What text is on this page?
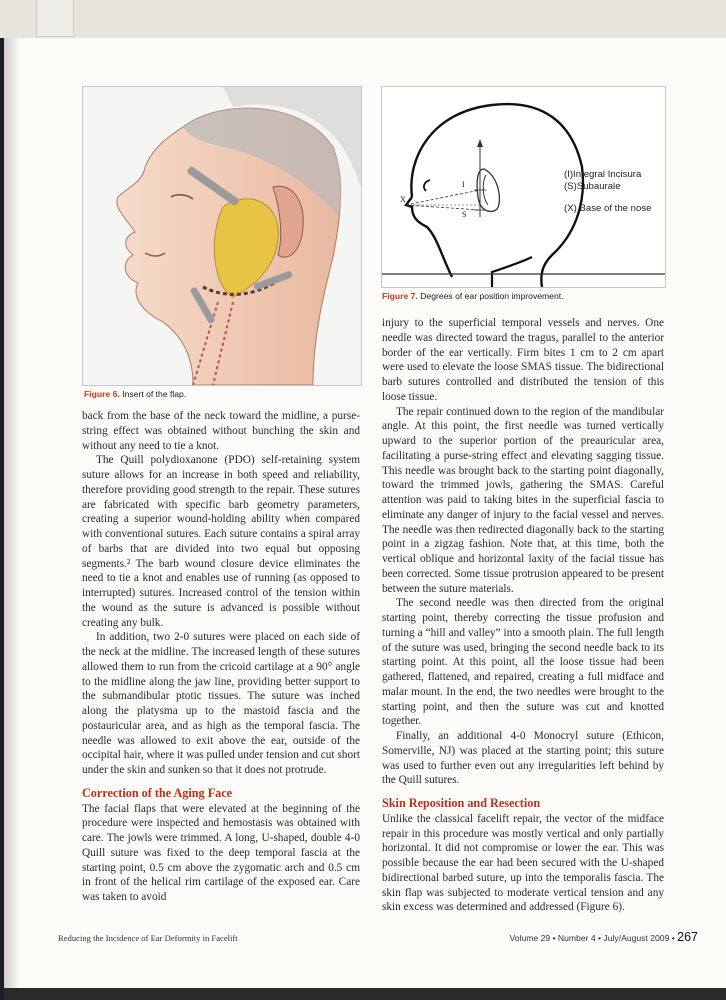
Figure 6. Insert of the flap.
I
S
X
(I)Integral Incisura
(S)Subaurale
(X) Base of the nose
Figure 7. Degrees of ear position improvement.

back from the base of the neck toward the midline, a purse-string effect was obtained without bunching the skin and without any need to tie a knot.

The Quill polydioxanone (PDO) self-retaining system suture allows for an increase in both speed and reliability, therefore providing good strength to the repair. These sutures are fabricated with specific barb geometry parameters, creating a superior wound-holding ability when compared with conventional sutures. Each suture contains a spiral array of barbs that are divided into two equal but opposing segments.² The barb wound closure device eliminates the need to tie a knot and enables use of running (as opposed to interrupted) sutures. Increased control of the tension within the wound as the suture is advanced is possible without creating any bulk.

In addition, two 2-0 sutures were placed on each side of the neck at the midline. The increased length of these sutures allowed them to run from the cricoid cartilage at a 90° angle to the midline along the jaw line, providing better support to the submandibular ptotic tissues. The suture was inched along the platysma up to the mastoid fascia and the postauricular area, and as high as the temporal fascia. The needle was allowed to exit above the ear, outside of the occipital hair, where it was pulled under tension and cut short under the skin and sunken so that it does not protrude.

Correction of the Aging Face

The facial flaps that were elevated at the beginning of the procedure were inspected and hemostasis was obtained with care. The jowls were trimmed. A long, U-shaped, double 4-0 Quill suture was fixed to the deep temporal fascia at the starting point, 0.5 cm above the zygomatic arch and 0.5 cm in front of the helical rim cartilage of the exposed ear. Care was taken to avoid

injury to the superficial temporal vessels and nerves. One needle was directed toward the tragus, parallel to the anterior border of the ear vertically. Firm bites 1 cm to 2 cm apart were used to elevate the loose SMAS tissue. The bidirectional barb sutures controlled and distributed the tension of this loose tissue.

The repair continued down to the region of the mandibular angle. At this point, the first needle was turned vertically upward to the superior portion of the preauricular area, facilitating a purse-string effect and elevating sagging tissue. This needle was brought back to the starting point diagonally, toward the trimmed jowls, gathering the SMAS. Careful attention was paid to taking bites in the superficial fascia to eliminate any danger of injury to the facial vessel and nerves. The needle was then redirected diagonally back to the starting point in a zigzag fashion. Note that, at this time, both the vertical oblique and horizontal laxity of the facial tissue has been corrected. Some tissue protrusion appeared to be present between the suture materials.

The second needle was then directed from the original starting point, thereby correcting the tissue profusion and turning a “hill and valley” into a smooth plain. The full length of the suture was used, bringing the second needle back to its starting point. At this point, all the loose tissue had been gathered, flattened, and repaired, creating a full midface and malar mount. In the end, the two needles were brought to the starting point, and then the suture was cut and knotted together.

Finally, an additional 4-0 Monocryl suture (Ethicon, Somerville, NJ) was placed at the starting point; this suture was used to further even out any irregularities left behind by the Quill sutures.

Skin Reposition and Resection

Unlike the classical facelift repair, the vector of the midface repair in this procedure was mostly vertical and only partially horizontal. It did not compromise or lower the ear. This was possible because the ear had been secured with the U-shaped bidirectional barbed suture, up into the temporalis fascia. The skin flap was subjected to moderate vertical tension and any skin excess was determined and addressed (Figure 6).

Reducing the Incidence of Ear Deformity in Facelift	Volume 29 • Number 4 • July/August 2009 • 267
